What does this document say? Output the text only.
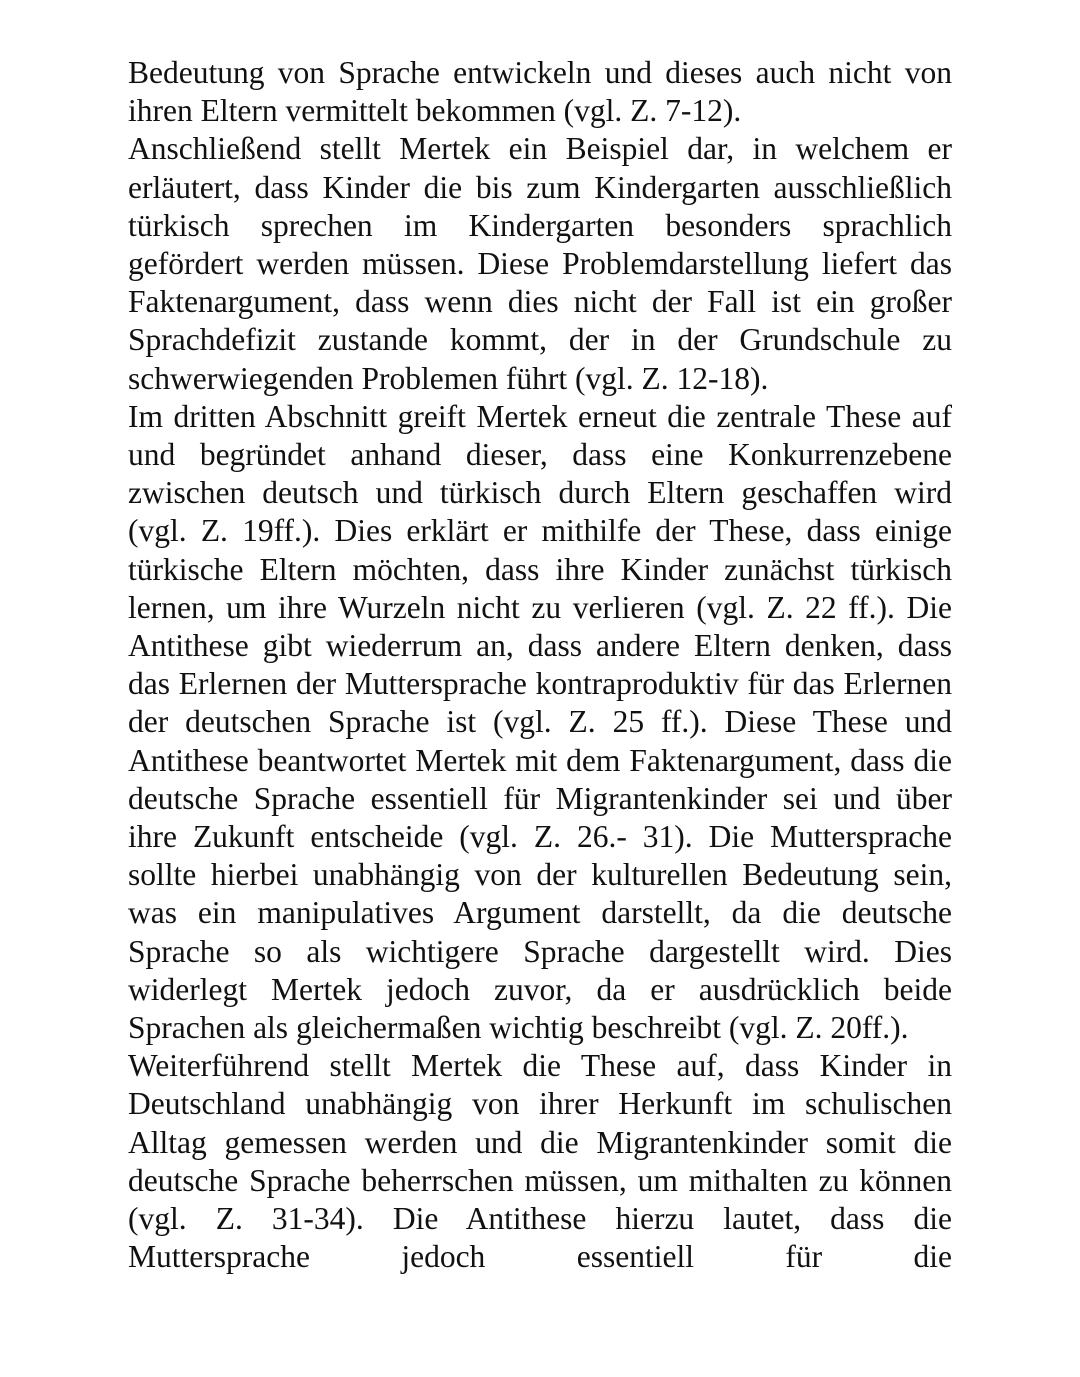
Bedeutung von Sprache entwickeln und dieses auch nicht von ihren Eltern vermittelt bekommen (vgl. Z. 7-12).

Anschließend stellt Mertek ein Beispiel dar, in welchem er erläutert, dass Kinder die bis zum Kindergarten ausschließlich türkisch sprechen im Kindergarten besonders sprachlich gefördert werden müssen. Diese Problemdarstellung liefert das Faktenargument, dass wenn dies nicht der Fall ist ein großer Sprachdefizit zustande kommt, der in der Grundschule zu schwerwiegenden Problemen führt (vgl. Z. 12-18).

Im dritten Abschnitt greift Mertek erneut die zentrale These auf und begründet anhand dieser, dass eine Konkurrenzebene zwischen deutsch und türkisch durch Eltern geschaffen wird (vgl. Z. 19ff.). Dies erklärt er mithilfe der These, dass einige türkische Eltern möchten, dass ihre Kinder zunächst türkisch lernen, um ihre Wurzeln nicht zu verlieren (vgl. Z. 22 ff.). Die Antithese gibt wiederrum an, dass andere Eltern denken, dass das Erlernen der Muttersprache kontraproduktiv für das Erlernen der deutschen Sprache ist (vgl. Z. 25 ff.). Diese These und Antithese beantwortet Mertek mit dem Faktenargument, dass die deutsche Sprache essentiell für Migrantenkinder sei und über ihre Zukunft entscheide (vgl. Z. 26.- 31). Die Muttersprache sollte hierbei unabhängig von der kulturellen Bedeutung sein, was ein manipulatives Argument darstellt, da die deutsche Sprache so als wichtigere Sprache dargestellt wird. Dies widerlegt Mertek jedoch zuvor, da er ausdrücklich beide Sprachen als gleichermaßen wichtig beschreibt (vgl. Z. 20ff.).

Weiterführend stellt Mertek die These auf, dass Kinder in Deutschland unabhängig von ihrer Herkunft im schulischen Alltag gemessen werden und die Migrantenkinder somit die deutsche Sprache beherrschen müssen, um mithalten zu können (vgl. Z. 31-34). Die Antithese hierzu lautet, dass die Muttersprache jedoch essentiell für die
